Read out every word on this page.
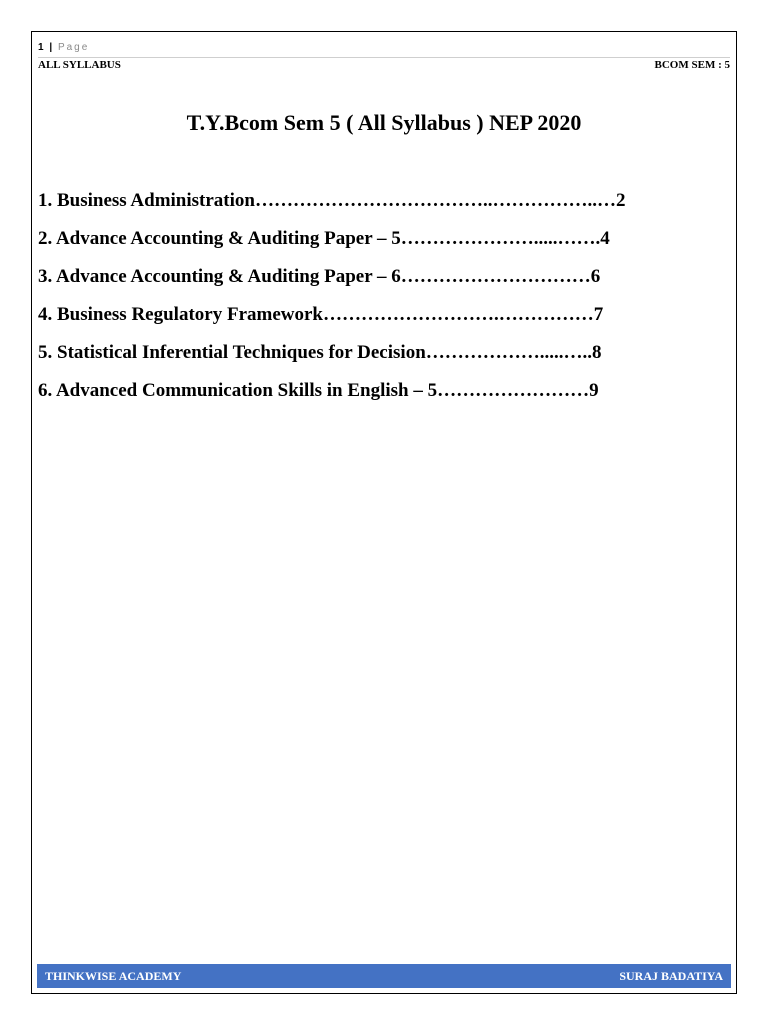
1 | Page
ALL SYLLABUS	BCOM SEM : 5
T.Y.Bcom Sem 5 ( All Syllabus ) NEP 2020
1. Business Administration………………………………..……………..…2
2. Advance Accounting & Auditing Paper – 5………………….....…….4
3. Advance Accounting & Auditing Paper – 6…………………………6
4. Business Regulatory Framework……………………….……………7
5. Statistical Inferential Techniques for Decision……………….....…..8
6. Advanced Communication Skills in English – 5……………………9
THINKWISE ACADEMY	SURAJ BADATIYA
